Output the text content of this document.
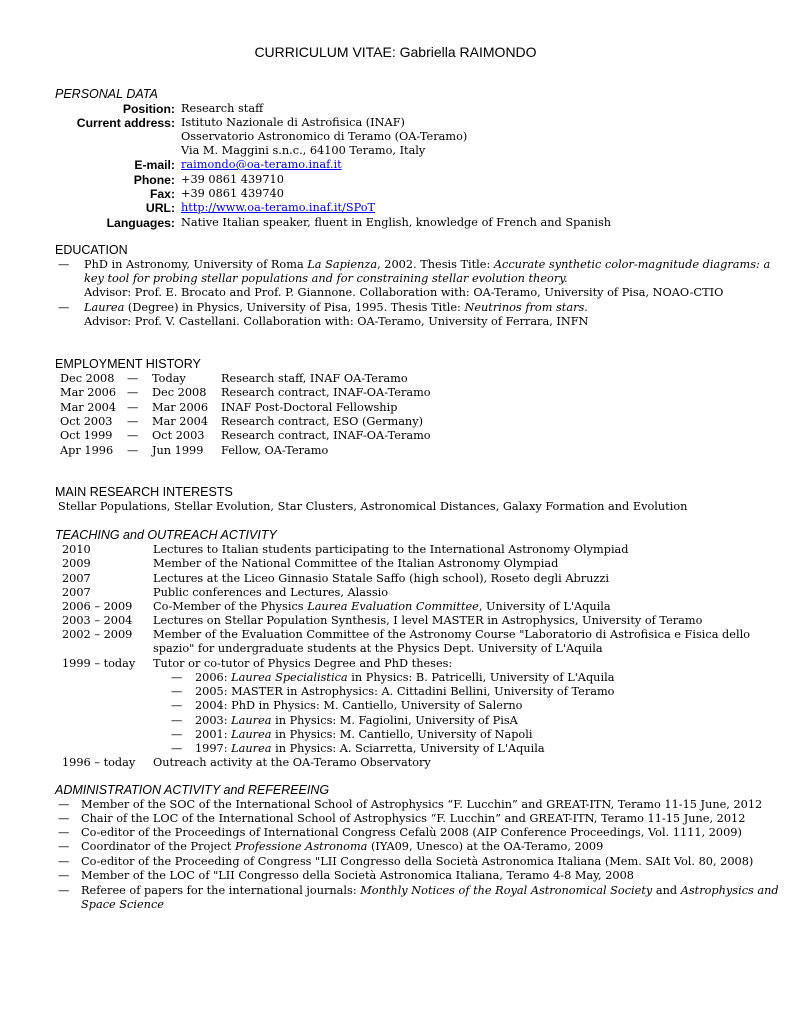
CURRICULUM VITAE: Gabriella RAIMONDO
PERSONAL DATA
Position: Research staff
Current address: Istituto Nazionale di Astrofisica (INAF)
Osservatorio Astronomico di Teramo (OA-Teramo)
Via M. Maggini s.n.c., 64100 Teramo, Italy
E-mail: raimondo@oa-teramo.inaf.it
Phone: +39 0861 439710
Fax: +39 0861 439740
URL: http://www.oa-teramo.inaf.it/SPoT
Languages: Native Italian speaker, fluent in English, knowledge of French and Spanish
EDUCATION
— PhD in Astronomy, University of Roma La Sapienza, 2002. Thesis Title: Accurate synthetic color-magnitude diagrams: a
key tool for probing stellar populations and for constraining stellar evolution theory.
Advisor: Prof. E. Brocato and Prof. P. Giannone. Collaboration with: OA-Teramo, University of Pisa, NOAO-CTIO
— Laurea (Degree) in Physics, University of Pisa, 1995. Thesis Title: Neutrinos from stars.
Advisor: Prof. V. Castellani. Collaboration with: OA-Teramo, University of Ferrara, INFN
EMPLOYMENT HISTORY
Dec 2008 — Today	Research staff, INAF OA-Teramo
Mar 2006 — Dec 2008 Research contract, INAF-OA-Teramo
Mar 2004 — Mar 2006 INAF Post-Doctoral Fellowship
Oct 2003 — Mar 2004 Research contract, ESO (Germany)
Oct 1999 — Oct 2003 Research contract, INAF-OA-Teramo
Apr 1996 — Jun 1999 Fellow, OA-Teramo
MAIN RESEARCH INTERESTS
Stellar Populations, Stellar Evolution, Star Clusters, Astronomical Distances, Galaxy Formation and Evolution
TEACHING and OUTREACH ACTIVITY
2010	Lectures to Italian students participating to the International Astronomy Olympiad
2009	Member of the National Committee of the Italian Astronomy Olympiad
2007	Lectures at the Liceo Ginnasio Statale Saffo (high school), Roseto degli Abruzzi
2007	Public conferences and Lectures, Alassio
2006 – 2009 Co-Member of the Physics Laurea Evaluation Committee, University of L'Aquila
2003 – 2004 Lectures on Stellar Population Synthesis, I level MASTER in Astrophysics, University of Teramo
2002 – 2009 Member of the Evaluation Committee of the Astronomy Course "Laboratorio di Astrofisica e Fisica dello
spazio" for undergraduate students at the Physics Dept. University of L'Aquila
1999 – today Tutor or co-tutor of Physics Degree and PhD theses:
— 2006: Laurea Specialistica in Physics: B. Patricelli, University of L'Aquila
— 2005: MASTER in Astrophysics: A. Cittadini Bellini, University of Teramo
— 2004: PhD in Physics: M. Cantiello, University of Salerno
— 2003: Laurea in Physics: M. Fagiolini, University of PisA
— 2001: Laurea in Physics: M. Cantiello, University of Napoli
— 1997: Laurea in Physics: A. Sciarretta, University of L'Aquila
1996 – today Outreach activity at the OA-Teramo Observatory
ADMINISTRATION ACTIVITY and REFEREEING
— Member of the SOC of the International School of Astrophysics “F. Lucchin” and GREAT-ITN, Teramo 11-15 June, 2012
— Chair of the LOC of the International School of Astrophysics “F. Lucchin” and GREAT-ITN, Teramo 11-15 June, 2012
— Co-editor of the Proceedings of International Congress Cefalù 2008 (AIP Conference Proceedings, Vol. 1111, 2009)
— Coordinator of the Project Professione Astronoma (IYA09, Unesco) at the OA-Teramo, 2009
— Co-editor of the Proceeding of Congress "LII Congresso della Società Astronomica Italiana (Mem. SAIt Vol. 80, 2008)
— Member of the LOC of "LII Congresso della Società Astronomica Italiana, Teramo 4-8 May, 2008
— Referee of papers for the international journals: Monthly Notices of the Royal Astronomical Society and Astrophysics and
Space Science
